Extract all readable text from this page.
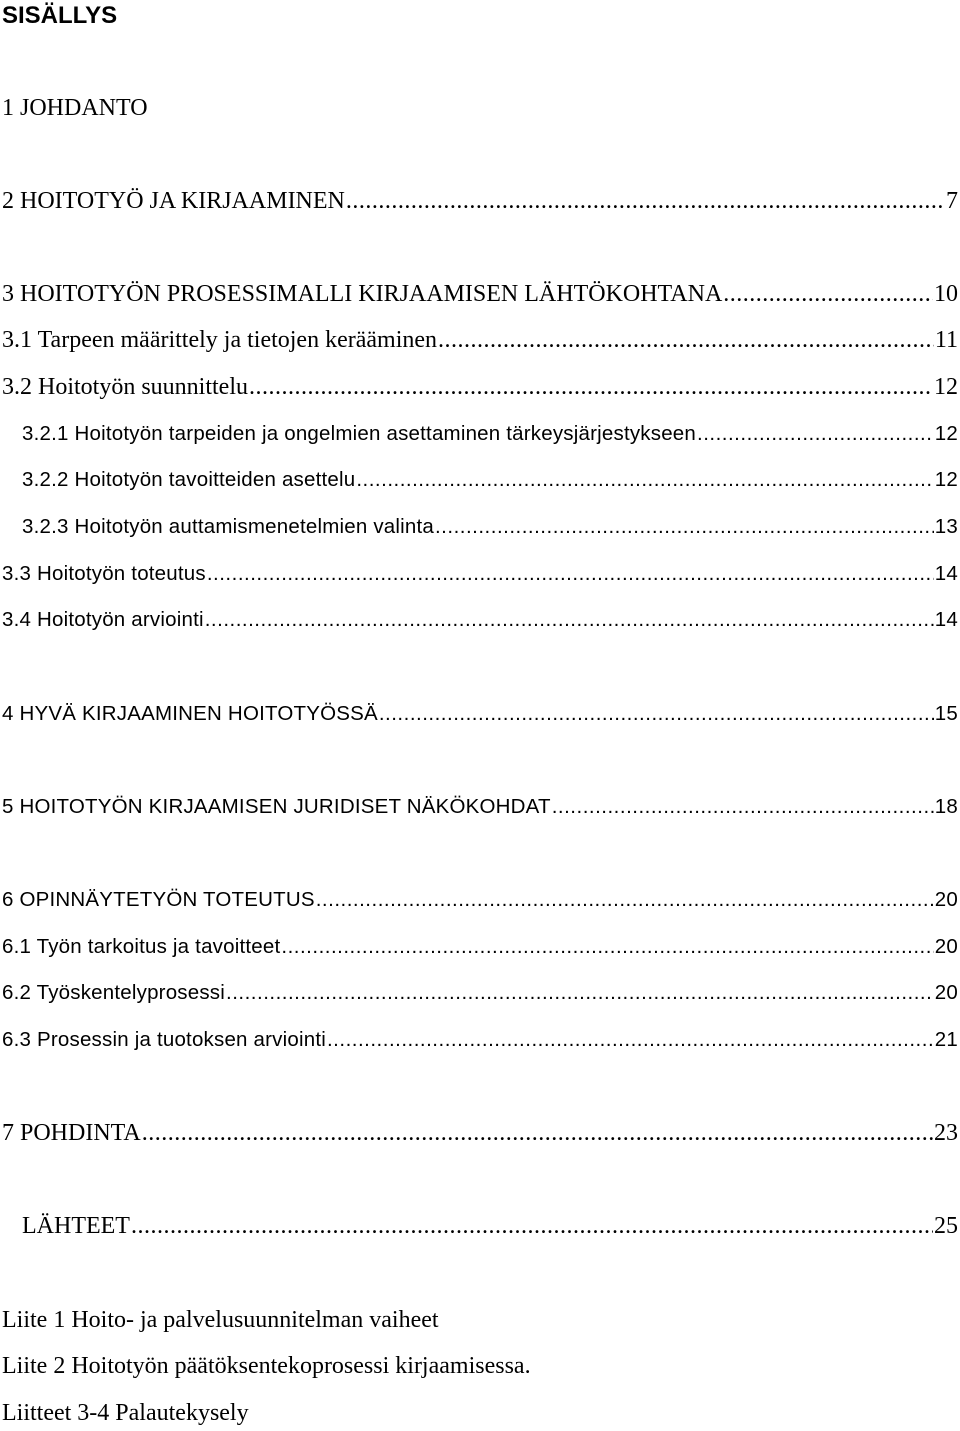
SISÄLLYS
1 JOHDANTO
2 HOITOTYÖ JA KIRJAAMINEN .....	7
3 HOITOTYÖN PROSESSIMALLI KIRJAAMISEN LÄHTÖKOHTANA .....	10
3.1 Tarpeen määrittely ja tietojen kerääminen .....	11
3.2 Hoitotyön suunnittelu .....	12
3.2.1 Hoitotyön tarpeiden ja ongelmien asettaminen tärkeysjärjestykseen .....	12
3.2.2 Hoitotyön tavoitteiden asettelu .....	12
3.2.3 Hoitotyön auttamismenetelmien valinta .....	13
3.3 Hoitotyön toteutus .....	14
3.4 Hoitotyön arviointi .....	14
4 HYVÄ KIRJAAMINEN HOITOTYÖSSÄ .....	15
5 HOITOTYÖN KIRJAAMISEN JURIDISET NÄKÖKOHDAT .....	18
6 OPINNÄYTETYÖN TOTEUTUS .....	20
6.1 Työn tarkoitus ja tavoitteet .....	20
6.2 Työskentelyprosessi .....	20
6.3 Prosessin ja tuotoksen arviointi .....	21
7 POHDINTA .....	23
LÄHTEET .....	25
Liite 1 Hoito- ja palvelusuunnitelman vaiheet
Liite 2 Hoitotyön päätöksentekoprosessi kirjaamisessa.
Liitteet 3-4 Palautekysely
